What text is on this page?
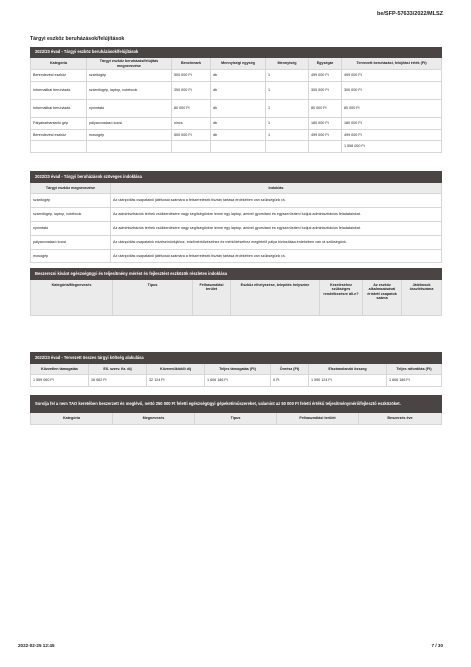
be/SFP-57633/2022/MLSZ
Tárgyi eszköz beruházások/felújítások
2022/23 évad - Tárgyi eszköz beruházások/felújítások						
Kategória	Tárgyi eszköz beruházás/felújítás megnevezése	Benchmark	Mennyiségi egység	Mennyiség	Egységár	Tervezett beruházási, felújítási érték (Ft)
Berendezési eszköz	szárítógép	500 000 Ft	db	1	499 000 Ft	499 000 Ft
Informatikai beruházás	számítógép, laptop, notebook	300 000 Ft	db	1	300 000 Ft	300 000 Ft
Informatikai beruházás	nyomtató	80 000 Ft	db	1	80 000 Ft	80 000 Ft
Pályakarbantartó gép	pályavonalazó kocsi	nincs	db	1	180 000 Ft	180 000 Ft
Berendezési eszköz	mosógép	500 000 Ft	db	1	499 000 Ft	499 000 Ft
						1 558 000 Ft
2022/23 évad - Tárgyi beruházások szöveges indoklása	
Tárgyi eszköz megnevezése	Indoklás
szárítógép	Az utánpótlás csapataink játékosai számára a felszerelések tisztán tartása érdekében van szükségünk rá.
számítógép, laptop, notebook	Az adminisztrációs terhek csökkentésére nagy segítségünkre lenne egy laptop, amivel gyorsítani és egyszerűsíteni tudjuk adminisztrációs feladatainkat.
nyomtató	Az adminisztrációs terhek csökkentésére nagy segítségünkre lenne egy laptop, amivel gyorsítani és egyszerűsíteni tudjuk adminisztrációs feladatainkat.
pályavonalazó kocsi	Az utánpótlás csapataink edzéseinünkjához, edzőmérkőzéseihez és mérkőzéseihez megfelelő pálya biztosítása érdekében van rá szükségünk.
mosógép	Az utánpótlás csapataink játékosai számára a felszerelések tisztán tartása érdekében van szükségünk rá.
Beszerezni kívánt egészségügyi és teljesítmény mérést és fejlesztést eszközök részletes indoklása
Kategória/Megnevezés	Típus	Felhasználási terület	Eszköz elhelyezése, telepítés helyszíne	Kezeléséhez szükséges rendelkezésre áll-e?	Az eszköz alkalmazásával érintett csapatok száma	Játékosok összlétszáma
2022/23 évad - Tervezett összes tárgyi költség alakulása						
Közvetlen támogatás	Ell. szerv. fiz. díj	Közreműködői díj	Teljes támogatás (Ft)	Önrész (Ft)	Elszámolandó összeg	Teljes ráfordítás (Ft)
1 559 060 Ft	16 062 Ft	32 124 Ft	1 606 186 Ft	0 Ft	1 590 124 Ft	1 606 186 Ft
Sorolja fel a nem TAO keretében beszerzett és meglévő, nettó 250 000 Ft feletti egészségügyi gépeket/műszereket, valamint az 50 000 Ft feletti értékű teljesítménymérő/fejlesztő eszközöket.
Kategória	Megnevezés	Típus	Felhasználási terület	Beszerzés éve
2022-02-25 12:45	7 / 30
